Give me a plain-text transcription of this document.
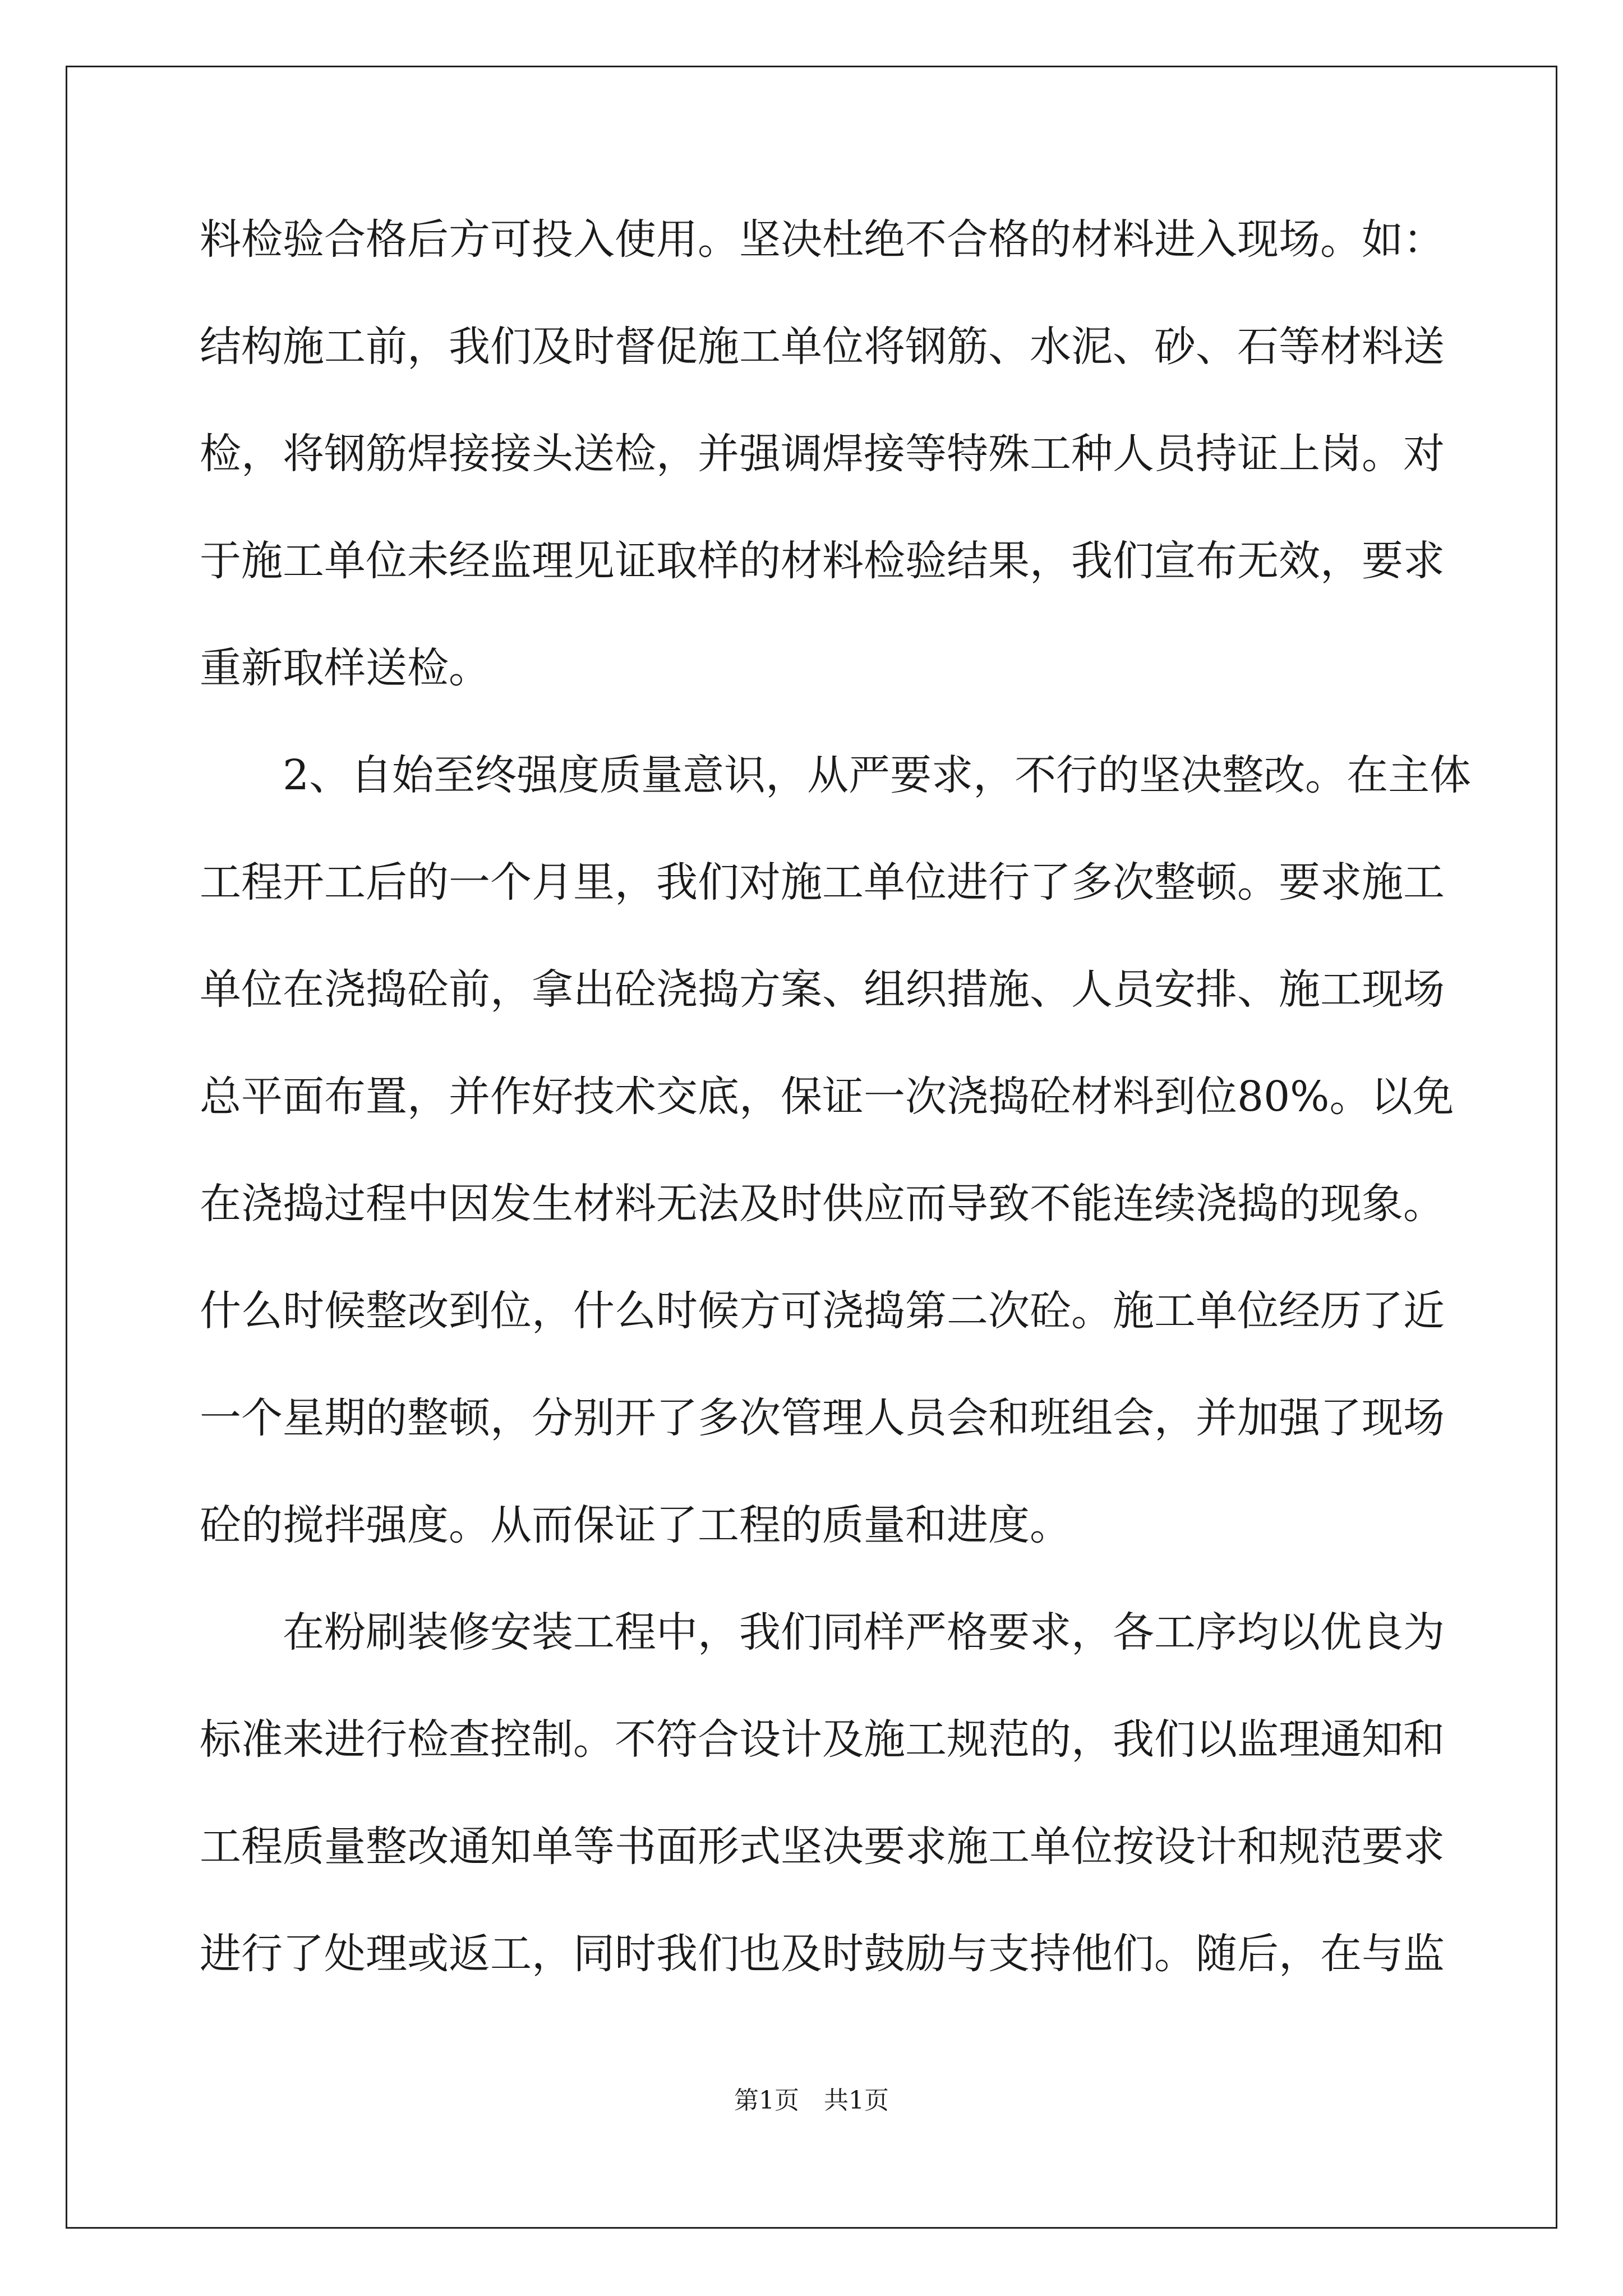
料检验合格后方可投入使用。坚决杜绝不合格的材料进入现场。如：
结构施工前，我们及时督促施工单位将钢筋、水泥、砂、石等材料送
检，将钢筋焊接接头送检，并强调焊接等特殊工种人员持证上岗。对
于施工单位未经监理见证取样的材料检验结果，我们宣布无效，要求
重新取样送检。
2、自始至终强度质量意识，从严要求，不行的坚决整改。在主体
工程开工后的一个月里，我们对施工单位进行了多次整顿。要求施工
单位在浇捣砼前，拿出砼浇捣方案、组织措施、人员安排、施工现场
总平面布置，并作好技术交底，保证一次浇捣砼材料到位80%。以免
在浇捣过程中因发生材料无法及时供应而导致不能连续浇捣的现象。
什么时候整改到位，什么时候方可浇捣第二次砼。施工单位经历了近
一个星期的整顿，分别开了多次管理人员会和班组会，并加强了现场
砼的搅拌强度。从而保证了工程的质量和进度。
在粉刷装修安装工程中，我们同样严格要求，各工序均以优良为
标准来进行检查控制。不符合设计及施工规范的，我们以监理通知和
工程质量整改通知单等书面形式坚决要求施工单位按设计和规范要求
进行了处理或返工，同时我们也及时鼓励与支持他们。随后，在与监
第1页 共1页
